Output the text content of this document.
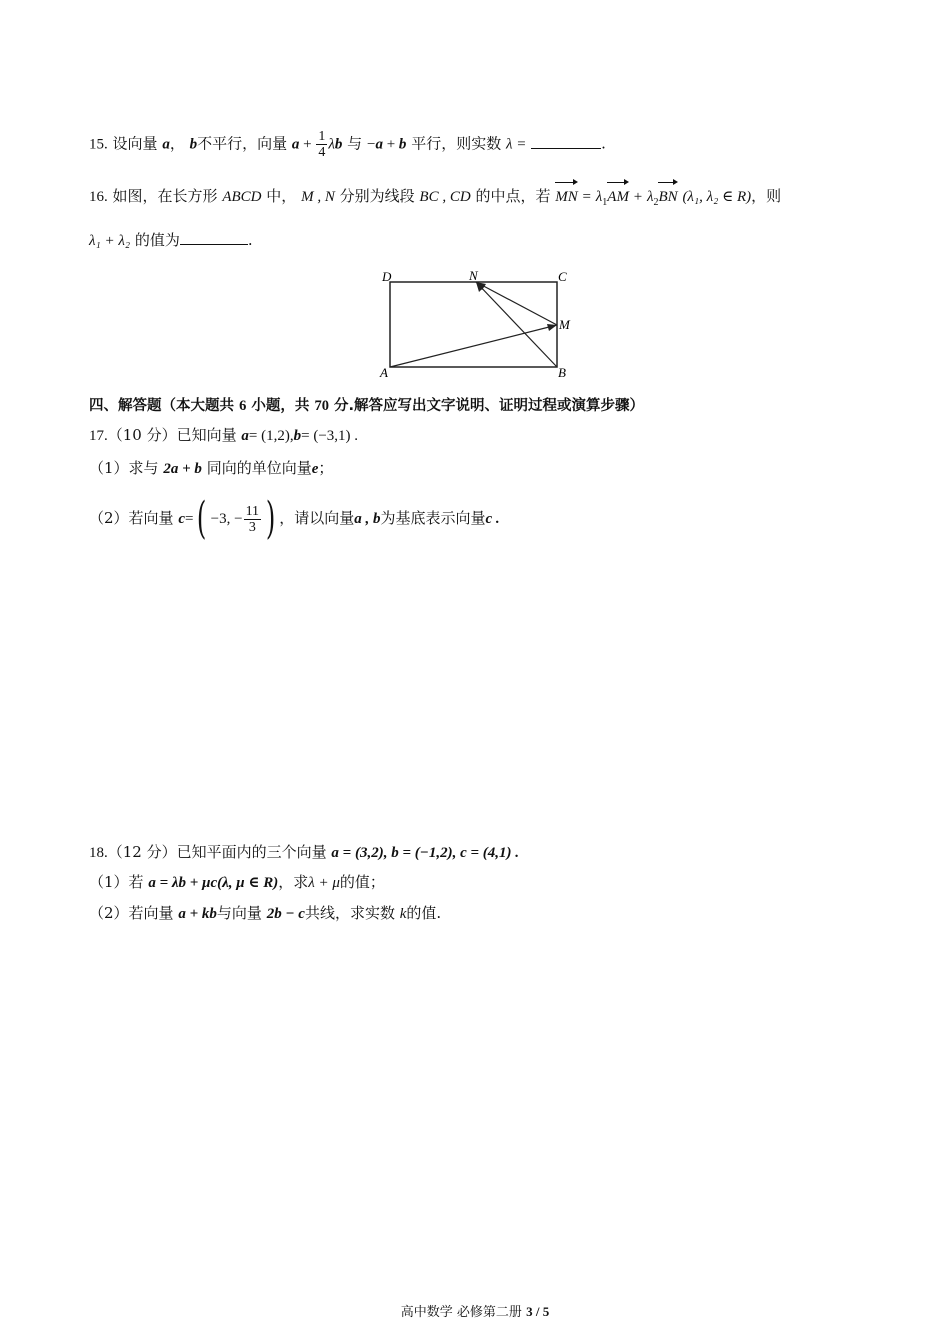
15. 设向量 a， b不平行，向量 $a + \frac{1}{4}$ λb 与 −a + b 平行，则实数 λ =	.
16. 如图，在长方形 ABCD 中， M , N 分别为线段 BC , CD 的中点，若 MN = $\lambda_1AM + \lambda_2BN$ (λ₁, λ₂ ∈ R)，则
λ₁ + λ₂ 的值为	.
D	N	C
M
A	B
四、解答题（本大题共 6 小题，共 70 分.解答应写出文字说明、证明过程或演算步骤）
17.（10 分）已知向量 a= (1,2),b= (−3,1) .
（1）求与 2a + b 同向的单位向量e；
（2）若向量 c=( −3, − $\frac{11}{3}$ ) ，请以向量a , b为基底表示向量c .
18.（12 分）已知平面内的三个向量 a = (3,2), b = (−1,2), c = (4,1) .
（1）若 a = λb + μc(λ, μ ∈ R)，求λ + μ的值；
（2）若向量 a + kb与向量 2b − c共线，求实数 k的值.
高中数学 必修第二册 3 / 5
